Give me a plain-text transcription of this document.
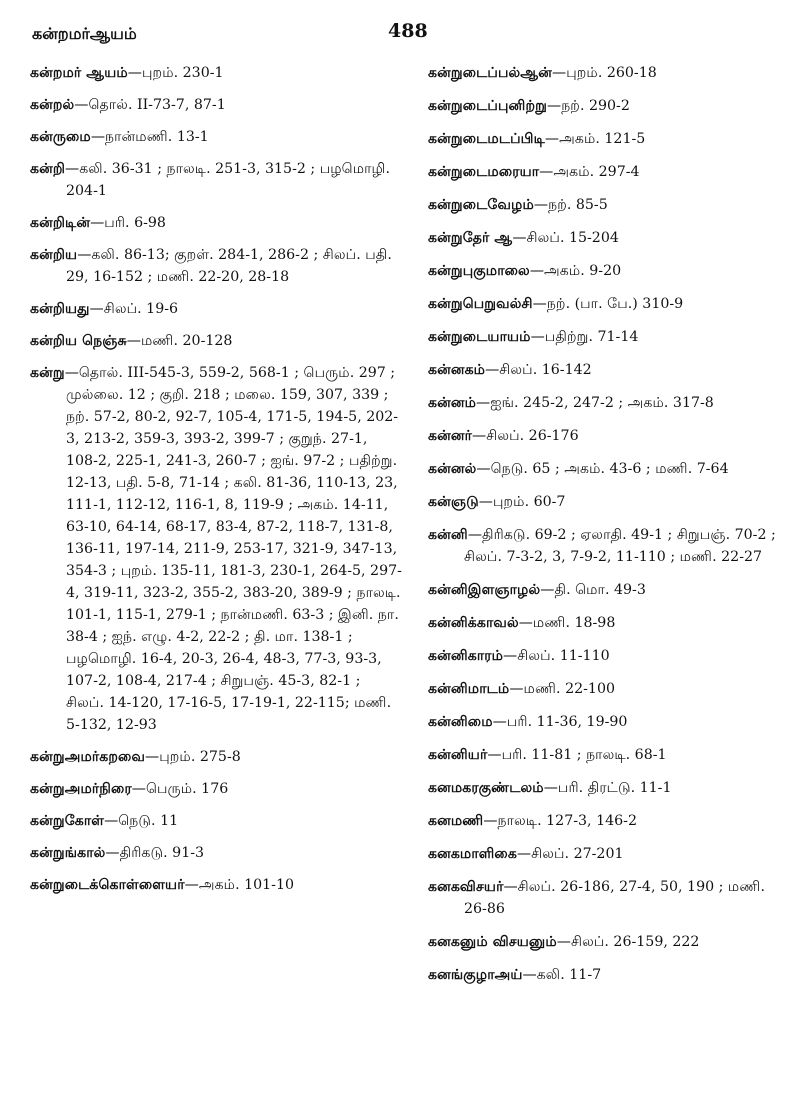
கன்றமர்ஆயம்	488
கன்றமர் ஆயம்—புறம். 230-1
கன்றல்—தொல். II-73-7, 87-1
கன்ருமை—நான்மணி. 13-1
கன்றி—கலி. 36-31 ; நாலடி. 251-3, 315-2 ; பழமொழி. 204-1
கன்றிடின்—பரி. 6-98
கன்றிய—கலி. 86-13; குறள். 284-1, 286-2 ; சிலப். பதி. 29, 16-152 ; மணி. 22-20, 28-18
கன்றியது—சிலப். 19-6
கன்றிய நெஞ்சு—மணி. 20-128
கன்று—தொல். III-545-3, 559-2, 568-1 ; பெரும். 297 ; முல்லை. 12 ; குறி. 218 ; மலை. 159, 307, 339 ; நற். 57-2, 80-2, 92-7, 105-4, 171-5, 194-5, 202-3, 213-2, 359-3, 393-2, 399-7 ; குறுந். 27-1, 108-2, 225-1, 241-3, 260-7 ; ஐங். 97-2 ; பதிற்று. 12-13, பதி. 5-8, 71-14 ; கலி. 81-36, 110-13, 23, 111-1, 112-12, 116-1, 8, 119-9 ; அகம். 14-11, 63-10, 64-14, 68-17, 83-4, 87-2, 118-7, 131-8, 136-11, 197-14, 211-9, 253-17, 321-9, 347-13, 354-3 ; புறம். 135-11, 181-3, 230-1, 264-5, 297-4, 319-11, 323-2, 355-2, 383-20, 389-9 ; நாலடி. 101-1, 115-1, 279-1 ; நான்மணி. 63-3 ; இனி. நா. 38-4 ; ஐந். எழு. 4-2, 22-2 ; தி. மா. 138-1 ; பழமொழி. 16-4, 20-3, 26-4, 48-3, 77-3, 93-3, 107-2, 108-4, 217-4 ; சிறுபஞ். 45-3, 82-1 ; சிலப். 14-120, 17-16-5, 17-19-1, 22-115; மணி. 5-132, 12-93
கன்றுஅமர்கறவை—புறம். 275-8
கன்றுஅமர்நிரை—பெரும். 176
கன்றுகோள்—நெடு. 11
கன்றுங்கால்—திரிகடு. 91-3
கன்றுடைக்கொள்ளையர்—அகம். 101-10
கன்றுடைப்பல்ஆன்—புறம். 260-18
கன்றுடைப்புனிற்று—நற். 290-2
கன்றுடைமடப்பிடி—அகம். 121-5
கன்றுடைமரையா—அகம். 297-4
கன்றுடைவேழம்—நற். 85-5
கன்றுதேர் ஆ—சிலப். 15-204
கன்றுபுகுமாலை—அகம். 9-20
கன்றுபெறுவல்சி—நற். (பா. பே.) 310-9
கன்றுடையாயம்—பதிற்று. 71-14
கன்னகம்—சிலப். 16-142
கன்னம்—ஐங். 245-2, 247-2 ; அகம். 317-8
கன்னர்—சிலப். 26-176
கன்னல்—நெடு. 65 ; அகம். 43-6 ; மணி. 7-64
கன்ஞடு—புறம். 60-7
கன்னி—திரிகடு. 69-2 ; ஏலாதி. 49-1 ; சிறுபஞ். 70-2 ; சிலப். 7-3-2, 3, 7-9-2, 11-110 ; மணி. 22-27
கன்னிஇளஞாழல்—தி. மொ. 49-3
கன்னிக்காவல்—மணி. 18-98
கன்னிகாரம்—சிலப். 11-110
கன்னிமாடம்—மணி. 22-100
கன்னிமை—பரி. 11-36, 19-90
கன்னியர்—பரி. 11-81 ; நாலடி. 68-1
கனமகரகுண்டலம்—பரி. திரட்டு. 11-1
கனமணி—நாலடி. 127-3, 146-2
கனகமாளிகை—சிலப். 27-201
கனகவிசயர்—சிலப். 26-186, 27-4, 50, 190 ; மணி. 26-86
கனகனும் விசயனும்—சிலப். 26-159, 222
கனங்குழாஅய்—கலி. 11-7
